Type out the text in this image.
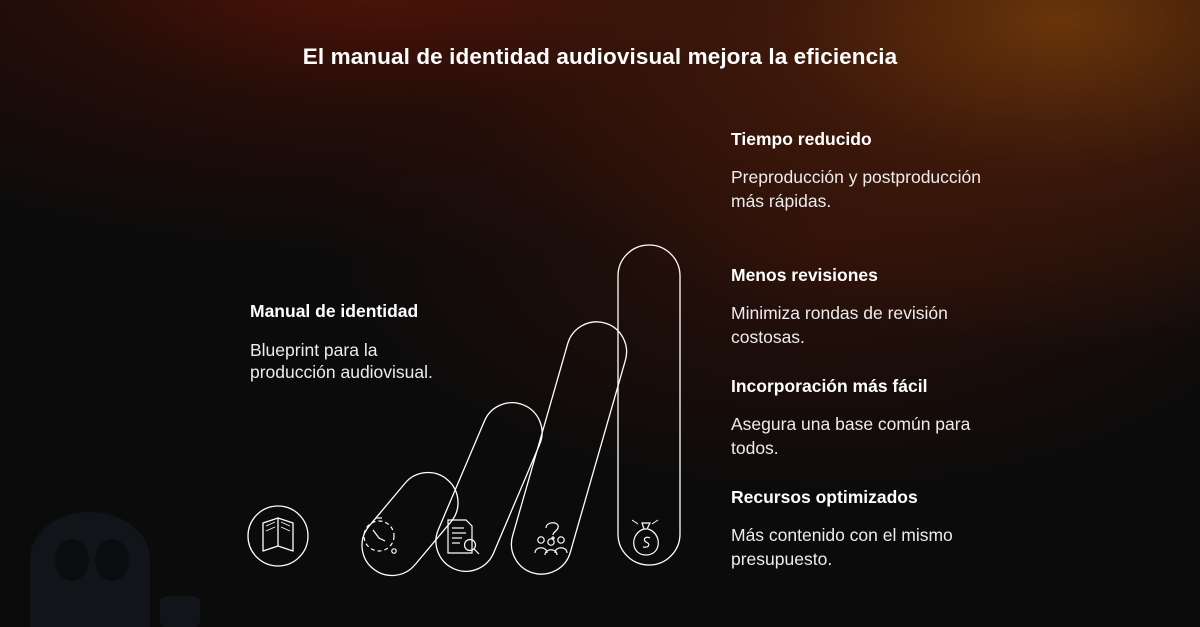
El manual de identidad audiovisual mejora la eficiencia
Manual de identidad
Blueprint para la producción audiovisual.
Tiempo reducido
Preproducción y postproducción más rápidas.
Menos revisiones
Minimiza rondas de revisión costosas.
Incorporación más fácil
Asegura una base común para todos.
Recursos optimizados
Más contenido con el mismo presupuesto.
